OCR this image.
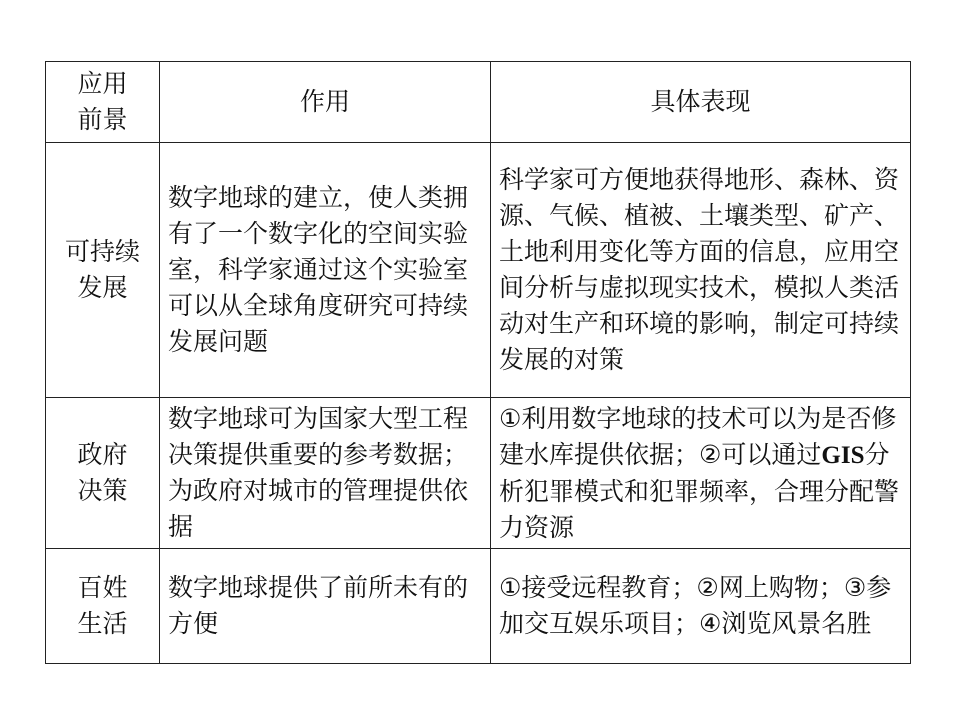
应用
前景	作用	具体表现
可持续
发展	数字地球的建立，使人类拥有了一个数字化的空间实验室，科学家通过这个实验室可以从全球角度研究可持续发展问题	科学家可方便地获得地形、森林、资源、气候、植被、土壤类型、矿产、土地利用变化等方面的信息，应用空间分析与虚拟现实技术，模拟人类活动对生产和环境的影响，制定可持续发展的对策

政府
决策	数字地球可为国家大型工程决策提供重要的参考数据；为政府对城市的管理提供依据	①利用数字地球的技术可以为是否修建水库提供依据；②可以通过GIS分析犯罪模式和犯罪频率，合理分配警力资源

百姓
生活	数字地球提供了前所未有的方便	①接受远程教育；②网上购物；③参加交互娱乐项目；④浏览风景名胜
